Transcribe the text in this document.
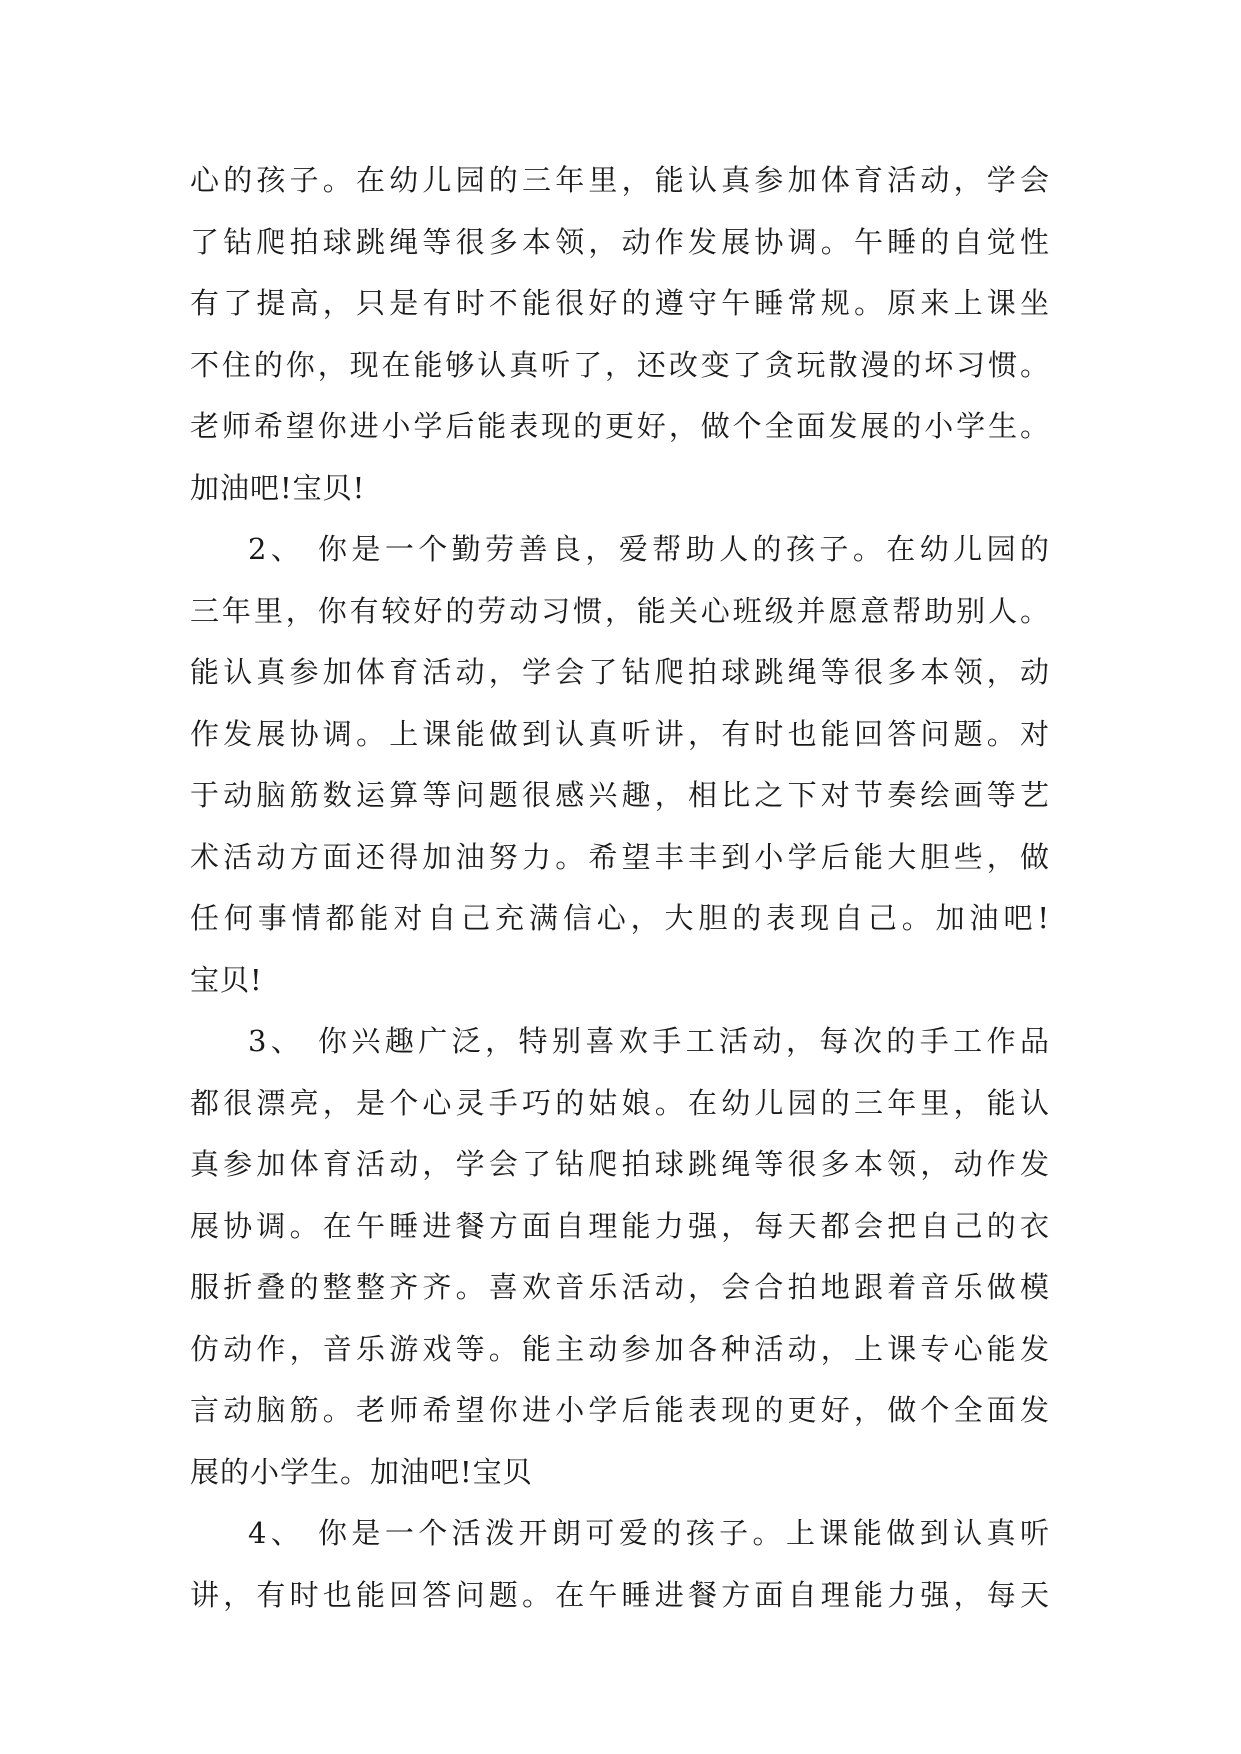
心的孩子。在幼儿园的三年里，能认真参加体育活动，学会
了钻爬拍球跳绳等很多本领，动作发展协调。午睡的自觉性
有了提高，只是有时不能很好的遵守午睡常规。原来上课坐
不住的你，现在能够认真听了，还改变了贪玩散漫的坏习惯。
老师希望你进小学后能表现的更好，做个全面发展的小学生。
加油吧!宝贝!
2、 你是一个勤劳善良，爱帮助人的孩子。在幼儿园的
三年里，你有较好的劳动习惯，能关心班级并愿意帮助别人。
能认真参加体育活动，学会了钻爬拍球跳绳等很多本领，动
作发展协调。上课能做到认真听讲，有时也能回答问题。对
于动脑筋数运算等问题很感兴趣，相比之下对节奏绘画等艺
术活动方面还得加油努力。希望丰丰到小学后能大胆些，做
任何事情都能对自己充满信心，大胆的表现自己。加油吧!
宝贝!
3、 你兴趣广泛，特别喜欢手工活动，每次的手工作品
都很漂亮，是个心灵手巧的姑娘。在幼儿园的三年里，能认
真参加体育活动，学会了钻爬拍球跳绳等很多本领，动作发
展协调。在午睡进餐方面自理能力强，每天都会把自己的衣
服折叠的整整齐齐。喜欢音乐活动，会合拍地跟着音乐做模
仿动作，音乐游戏等。能主动参加各种活动，上课专心能发
言动脑筋。老师希望你进小学后能表现的更好，做个全面发
展的小学生。加油吧!宝贝
4、 你是一个活泼开朗可爱的孩子。上课能做到认真听
讲，有时也能回答问题。在午睡进餐方面自理能力强，每天
